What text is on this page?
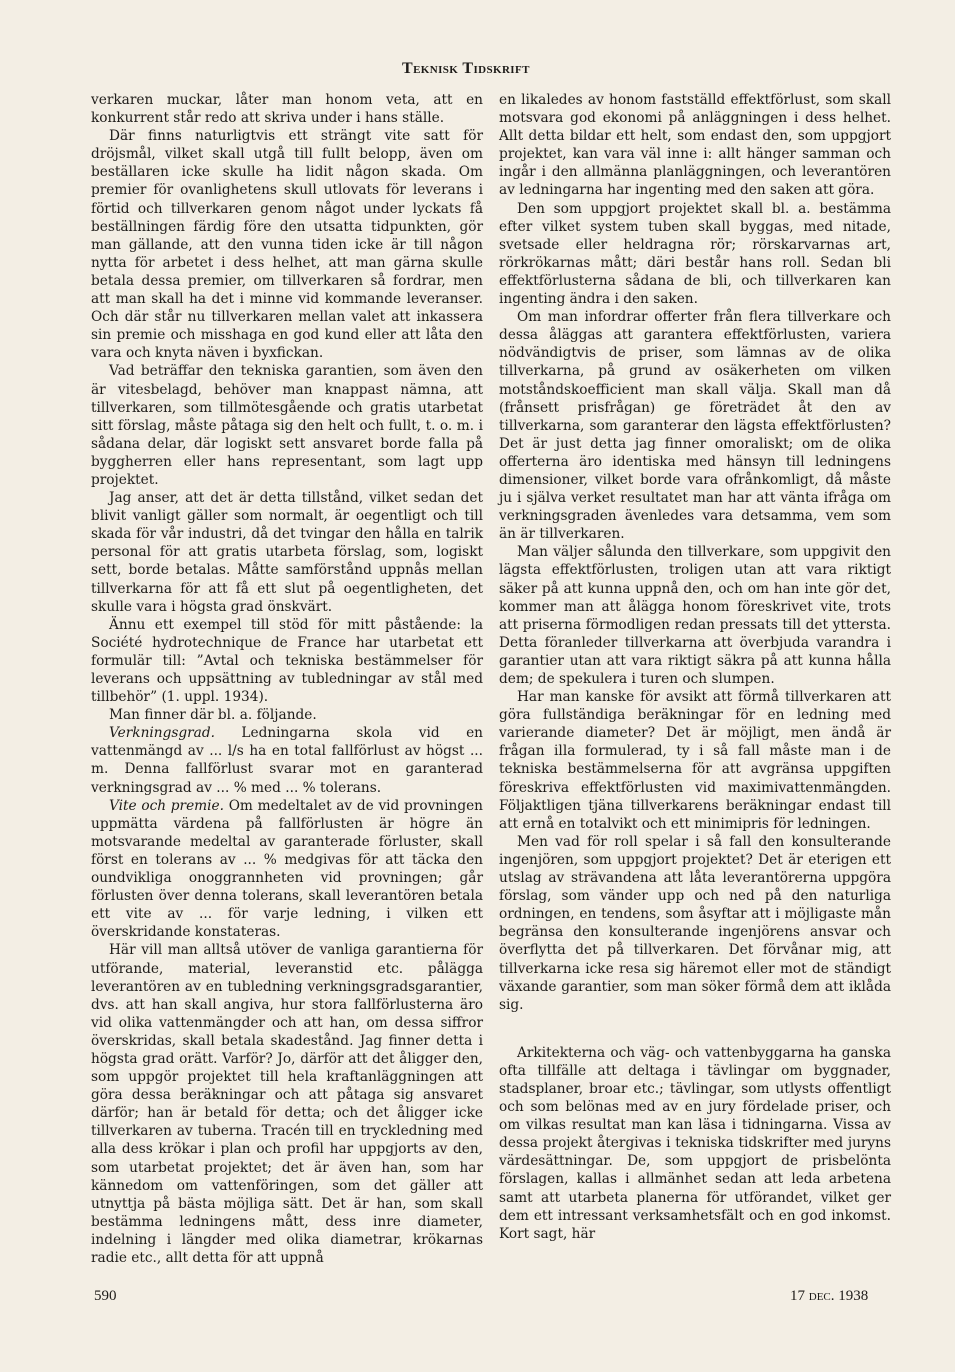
Teknisk Tidskrift

verkaren muckar, låter man honom veta, att en konkurrent står redo att skriva under i hans ställe.

Där finns naturligtvis ett strängt vite satt för dröjsmål, vilket skall utgå till fullt belopp, även om beställaren icke skulle ha lidit någon skada. Om premier för ovanlighetens skull utlovats för leverans i förtid och tillverkaren genom något under lyckats få beställningen färdig före den utsatta tidpunkten, gör man gällande, att den vunna tiden icke är till någon nytta för arbetet i dess helhet, att man gärna skulle betala dessa premier, om tillverkaren så fordrar, men att man skall ha det i minne vid kommande leveranser. Och där står nu tillverkaren mellan valet att inkassera sin premie och misshaga en god kund eller att låta den vara och knyta näven i byxfickan.

Vad beträffar den tekniska garantien, som även den är vitesbelagd, behöver man knappast nämna, att tillverkaren, som tillmötesgående och gratis utarbetat sitt förslag, måste påtaga sig den helt och fullt, t. o. m. i sådana delar, där logiskt sett ansvaret borde falla på byggherren eller hans representant, som lagt upp projektet.

Jag anser, att det är detta tillstånd, vilket sedan det blivit vanligt gäller som normalt, är oegentligt och till skada för vår industri, då det tvingar den hålla en talrik personal för att gratis utarbeta förslag, som, logiskt sett, borde betalas. Måtte samförstånd uppnås mellan tillverkarna för att få ett slut på oegentligheten, det skulle vara i högsta grad önskvärt.

Ännu ett exempel till stöd för mitt påstående: la Société hydrotechnique de France har utarbetat ett formulär till: ”Avtal och tekniska bestämmelser för leverans och uppsättning av tubledningar av stål med tillbehör” (1. uppl. 1934).

Man finner där bl. a. följande.

Verkningsgrad. Ledningarna skola vid en vattenmängd av ... l/s ha en total fallförlust av högst ... m. Denna fallförlust svarar mot en garanterad verkningsgrad av ... % med ... % tolerans.

Vite och premie. Om medeltalet av de vid provningen uppmätta värdena på fallförlusten är högre än motsvarande medeltal av garanterade förluster, skall först en tolerans av ... % medgivas för att täcka den oundvikliga onoggrannheten vid provningen; går förlusten över denna tolerans, skall leverantören betala ett vite av ... för varje ledning, i vilken ett överskridande konstateras.

Här vill man alltså utöver de vanliga garantierna för utförande, material, leveranstid etc. pålägga leverantören av en tubledning verkningsgradsgarantier, dvs. att han skall angiva, hur stora fallförlusterna äro vid olika vattenmängder och att han, om dessa siffror överskridas, skall betala skadestånd. Jag finner detta i högsta grad orätt. Varför? Jo, därför att det åligger den, som uppgör projektet till hela kraftanläggningen att göra dessa beräkningar och att påtaga sig ansvaret därför; han är betald för detta; och det åligger icke tillverkaren av tuberna. Tracén till en tryckledning med alla dess krökar i plan och profil har uppgjorts av den, som utarbetat projektet; det är även han, som har kännedom om vattenföringen, som det gäller att utnyttja på bästa möjliga sätt. Det är han, som skall bestämma ledningens mått, dess inre diameter, indelning i längder med olika diametrar, krökarnas radie etc., allt detta för att uppnå

en likaledes av honom fastställd effektförlust, som skall motsvara god ekonomi på anläggningen i dess helhet. Allt detta bildar ett helt, som endast den, som uppgjort projektet, kan vara väl inne i: allt hänger samman och ingår i den allmänna planläggningen, och leverantören av ledningarna har ingenting med den saken att göra.

Den som uppgjort projektet skall bl. a. bestämma efter vilket system tuben skall byggas, med nitade, svetsade eller heldragna rör; rörskarvarnas art, rörkrökarnas mått; däri består hans roll. Sedan bli effektförlusterna sådana de bli, och tillverkaren kan ingenting ändra i den saken.

Om man infordrar offerter från flera tillverkare och dessa åläggas att garantera effektförlusten, variera nödvändigtvis de priser, som lämnas av de olika tillverkarna, på grund av osäkerheten om vilken motståndskoefficient man skall välja. Skall man då (frånsett prisfrågan) ge företrädet åt den av tillverkarna, som garanterar den lägsta effektförlusten? Det är just detta jag finner omoraliskt; om de olika offerterna äro identiska med hänsyn till ledningens dimensioner, vilket borde vara ofrånkomligt, då måste ju i själva verket resultatet man har att vänta ifråga om verkningsgraden ävenledes vara detsamma, vem som än är tillverkaren.

Man väljer sålunda den tillverkare, som uppgivit den lägsta effektförlusten, troligen utan att vara riktigt säker på att kunna uppnå den, och om han inte gör det, kommer man att ålägga honom föreskrivet vite, trots att priserna förmodligen redan pressats till det yttersta. Detta föranleder tillverkarna att överbjuda varandra i garantier utan att vara riktigt säkra på att kunna hålla dem; de spekulera i turen och slumpen.

Har man kanske för avsikt att förmå tillverkaren att göra fullständiga beräkningar för en ledning med varierande diameter? Det är möjligt, men ändå är frågan illa formulerad, ty i så fall måste man i de tekniska bestämmelserna för att avgränsa uppgiften föreskriva effektförlusten vid maximivattenmängden. Följaktligen tjäna tillverkarens beräkningar endast till att ernå en totalvikt och ett minimipris för ledningen.

Men vad för roll spelar i så fall den konsulterande ingenjören, som uppgjort projektet? Det är eterigen ett utslag av strävandena att låta leverantörerna uppgöra förslag, som vänder upp och ned på den naturliga ordningen, en tendens, som åsyftar att i möjligaste mån begränsa den konsulterande ingenjörens ansvar och överflytta det på tillverkaren. Det förvånar mig, att tillverkarna icke resa sig häremot eller mot de ständigt växande garantier, som man söker förmå dem att iklåda sig.

Arkitekterna och väg- och vattenbyggarna ha ganska ofta tillfälle att deltaga i tävlingar om byggnader, stadsplaner, broar etc.; tävlingar, som utlysts offentligt och som belönas med av en jury fördelade priser, och om vilkas resultat man kan läsa i tidningarna. Vissa av dessa projekt återgivas i tekniska tidskrifter med juryns värdesättningar. De, som uppgjort de prisbelönta förslagen, kallas i allmänhet sedan att leda arbetena samt att utarbeta planerna för utförandet, vilket ger dem ett intressant verksamhetsfält och en god inkomst. Kort sagt, här

590	17 dec. 1938
